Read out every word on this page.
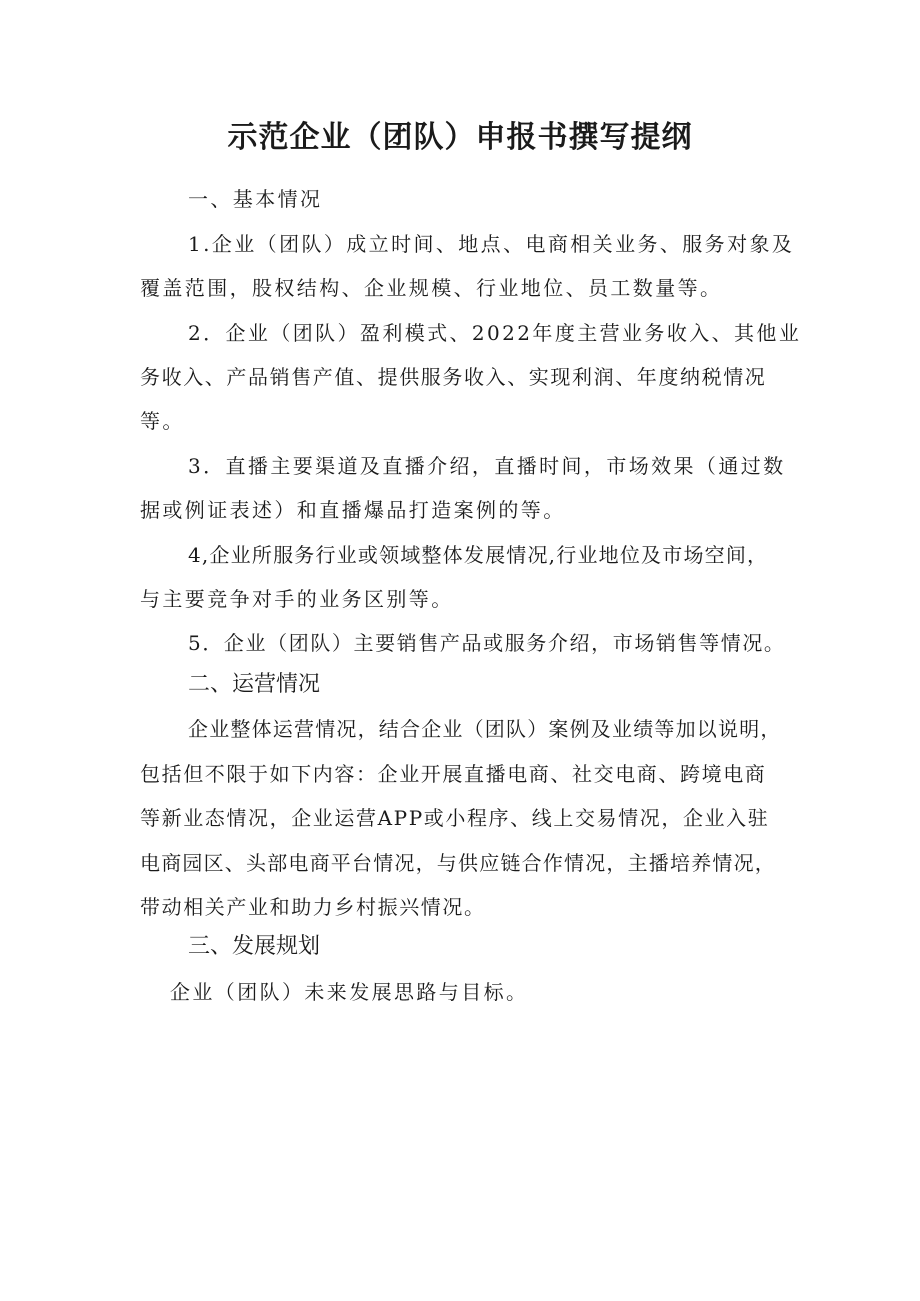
示范企业（团队）申报书撰写提纲
一、基本情况
1.企业（团队）成立时间、地点、电商相关业务、服务对象及
覆盖范围，股权结构、企业规模、行业地位、员工数量等。
2．企业（团队）盈利模式、2022年度主营业务收入、其他业
务收入、产品销售产值、提供服务收入、实现利润、年度纳税情况
等。
3．直播主要渠道及直播介绍，直播时间，市场效果（通过数
据或例证表述）和直播爆品打造案例的等。
4,企业所服务行业或领域整体发展情况,行业地位及市场空间，
与主要竞争对手的业务区别等。
5．企业（团队）主要销售产品或服务介绍，市场销售等情况。
二、运营情况
企业整体运营情况，结合企业（团队）案例及业绩等加以说明，
包括但不限于如下内容：企业开展直播电商、社交电商、跨境电商
等新业态情况，企业运营APP或小程序、线上交易情况，企业入驻
电商园区、头部电商平台情况，与供应链合作情况，主播培养情况，
带动相关产业和助力乡村振兴情况。
三、发展规划
企业（团队）未来发展思路与目标。
